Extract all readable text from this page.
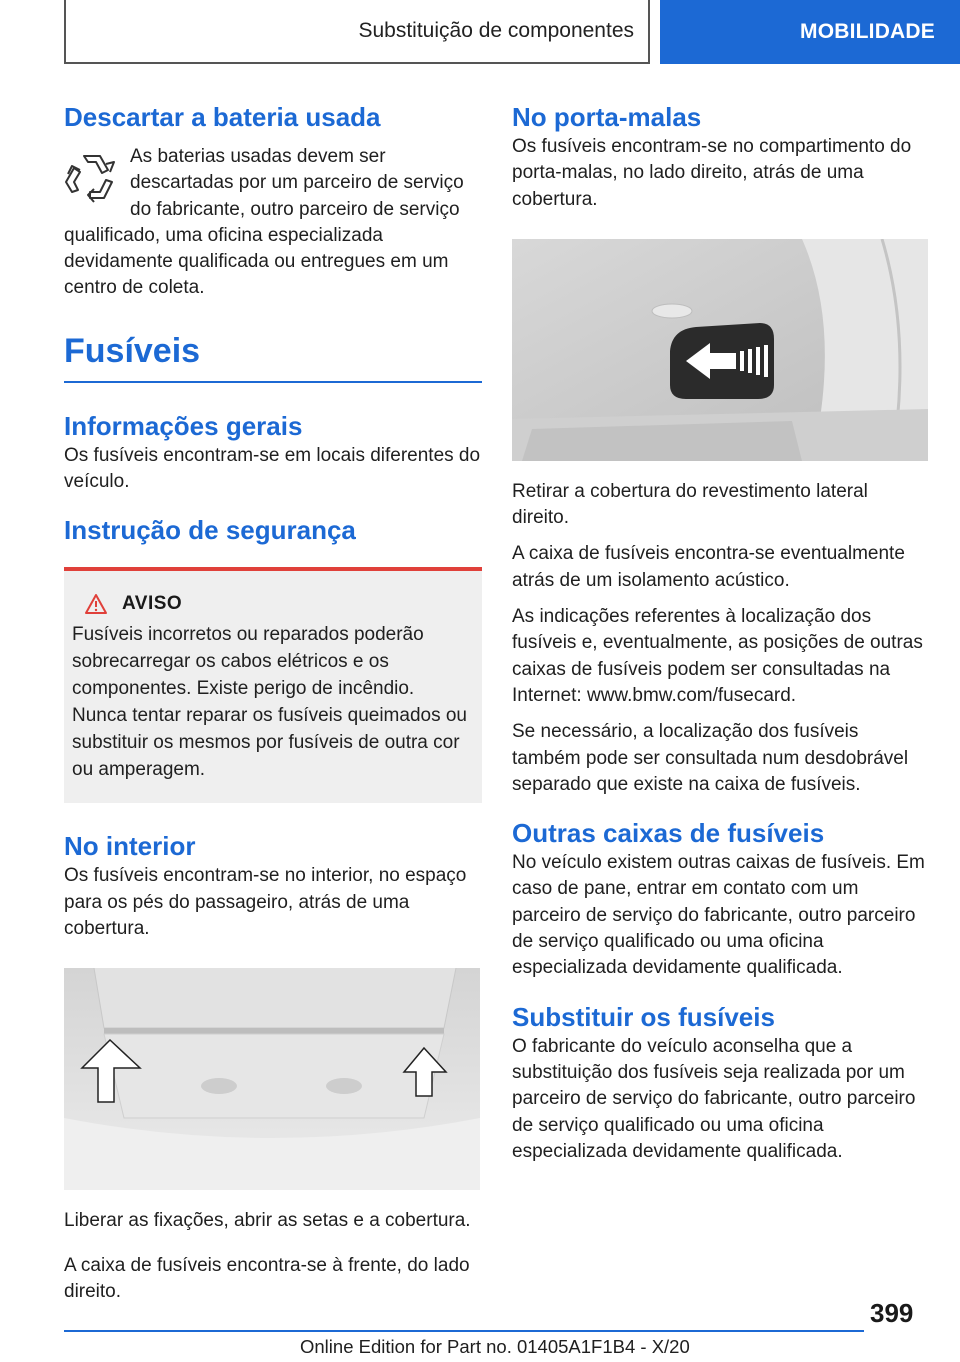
Substituição de componentes	MOBILIDADE
Descartar a bateria usada

As baterias usadas devem ser descartadas por um parceiro de serviço do fabricante, outro parceiro de serviço qualificado, uma oficina especializada devidamente qualificada ou entregues em um centro de coleta.

Fusíveis
Informações gerais

Os fusíveis encontram-se em locais diferentes do veículo.

Instrução de segurança
AVISO

Fusíveis incorretos ou reparados poderão sobrecarregar os cabos elétricos e os componentes. Existe perigo de incêndio. Nunca tentar reparar os fusíveis queimados ou substituir os mesmos por fusíveis de outra cor ou amperagem.

No interior

Os fusíveis encontram-se no interior, no espaço para os pés do passageiro, atrás de uma cobertura.

Liberar as fixações, abrir as setas e a cobertura.

A caixa de fusíveis encontra-se à frente, do lado direito.

No porta-malas

Os fusíveis encontram-se no compartimento do porta-malas, no lado direito, atrás de uma cobertura.

Retirar a cobertura do revestimento lateral direito.

A caixa de fusíveis encontra-se eventualmente atrás de um isolamento acústico.

As indicações referentes à localização dos fusíveis e, eventualmente, as posições de outras caixas de fusíveis podem ser consultadas na Internet: www.bmw.com/fusecard.

Se necessário, a localização dos fusíveis também pode ser consultada num desdobrável separado que existe na caixa de fusíveis.

Outras caixas de fusíveis

No veículo existem outras caixas de fusíveis. Em caso de pane, entrar em contato com um parceiro de serviço do fabricante, outro parceiro de serviço qualificado ou uma oficina especializada devidamente qualificada.

Substituir os fusíveis

O fabricante do veículo aconselha que a substituição dos fusíveis seja realizada por um parceiro de serviço do fabricante, outro parceiro de serviço qualificado ou uma oficina especializada devidamente qualificada.

399
Online Edition for Part no. 01405A1F1B4 - X/20
